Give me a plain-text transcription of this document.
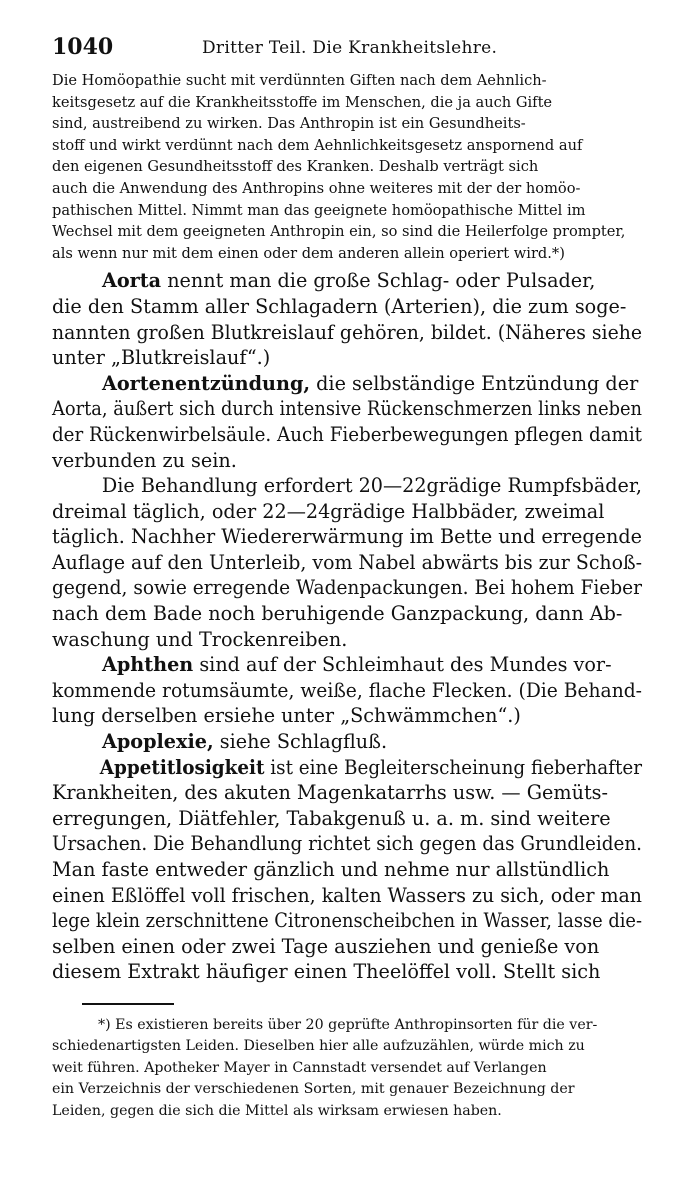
1040	Dritter Teil. Die Krankheitslehre.
Die Homöopathie sucht mit verdünnten Giften nach dem Aehnlich-
keitsgesetz auf die Krankheitsstoffe im Menschen, die ja auch Gifte
sind, austreibend zu wirken. Das Anthropin ist ein Gesundheits-
stoff und wirkt verdünnt nach dem Aehnlichkeitsgesetz anspornend auf
den eigenen Gesundheitsstoff des Kranken. Deshalb verträgt sich
auch die Anwendung des Anthropins ohne weiteres mit der der homöo-
pathischen Mittel. Nimmt man das geeignete homöopathische Mittel im
Wechsel mit dem geeigneten Anthropin ein, so sind die Heilerfolge prompter,
als wenn nur mit dem einen oder dem anderen allein operiert wird.*)
Aorta nennt man die große Schlag- oder Pulsader,
die den Stamm aller Schlagadern (Arterien), die zum soge-
nannten großen Blutkreislauf gehören, bildet. (Näheres siehe
unter „Blutkreislauf“.)
Aortenentzündung, die selbständige Entzündung der
Aorta, äußert sich durch intensive Rückenschmerzen links neben
der Rückenwirbelsäule. Auch Fieberbewegungen pflegen damit
verbunden zu sein.
Die Behandlung erfordert 20—22grädige Rumpfsbäder,
dreimal täglich, oder 22—24grädige Halbbäder, zweimal
täglich. Nachher Wiedererwärmung im Bette und erregende
Auflage auf den Unterleib, vom Nabel abwärts bis zur Schoß-
gegend, sowie erregende Wadenpackungen. Bei hohem Fieber
nach dem Bade noch beruhigende Ganzpackung, dann Ab-
waschung und Trockenreiben.
Aphthen sind auf der Schleimhaut des Mundes vor-
kommende rotumsäumte, weiße, flache Flecken. (Die Behand-
lung derselben ersiehe unter „Schwämmchen“.)
Apoplexie, siehe Schlagfluß.
Appetitlosigkeit ist eine Begleiterscheinung fieberhafter
Krankheiten, des akuten Magenkatarrhs usw. — Gemüts-
erregungen, Diätfehler, Tabakgenuß u. a. m. sind weitere
Ursachen. Die Behandlung richtet sich gegen das Grundleiden.
Man faste entweder gänzlich und nehme nur allstündlich
einen Eßlöffel voll frischen, kalten Wassers zu sich, oder man
lege klein zerschnittene Citronenscheibchen in Wasser, lasse die-
selben einen oder zwei Tage ausziehen und genieße von
diesem Extrakt häufiger einen Theelöffel voll. Stellt sich
*) Es existieren bereits über 20 geprüfte Anthropinsorten für die ver-
schiedenartigsten Leiden. Dieselben hier alle aufzuzählen, würde mich zu
weit führen. Apotheker Mayer in Cannstadt versendet auf Verlangen
ein Verzeichnis der verschiedenen Sorten, mit genauer Bezeichnung der
Leiden, gegen die sich die Mittel als wirksam erwiesen haben.
